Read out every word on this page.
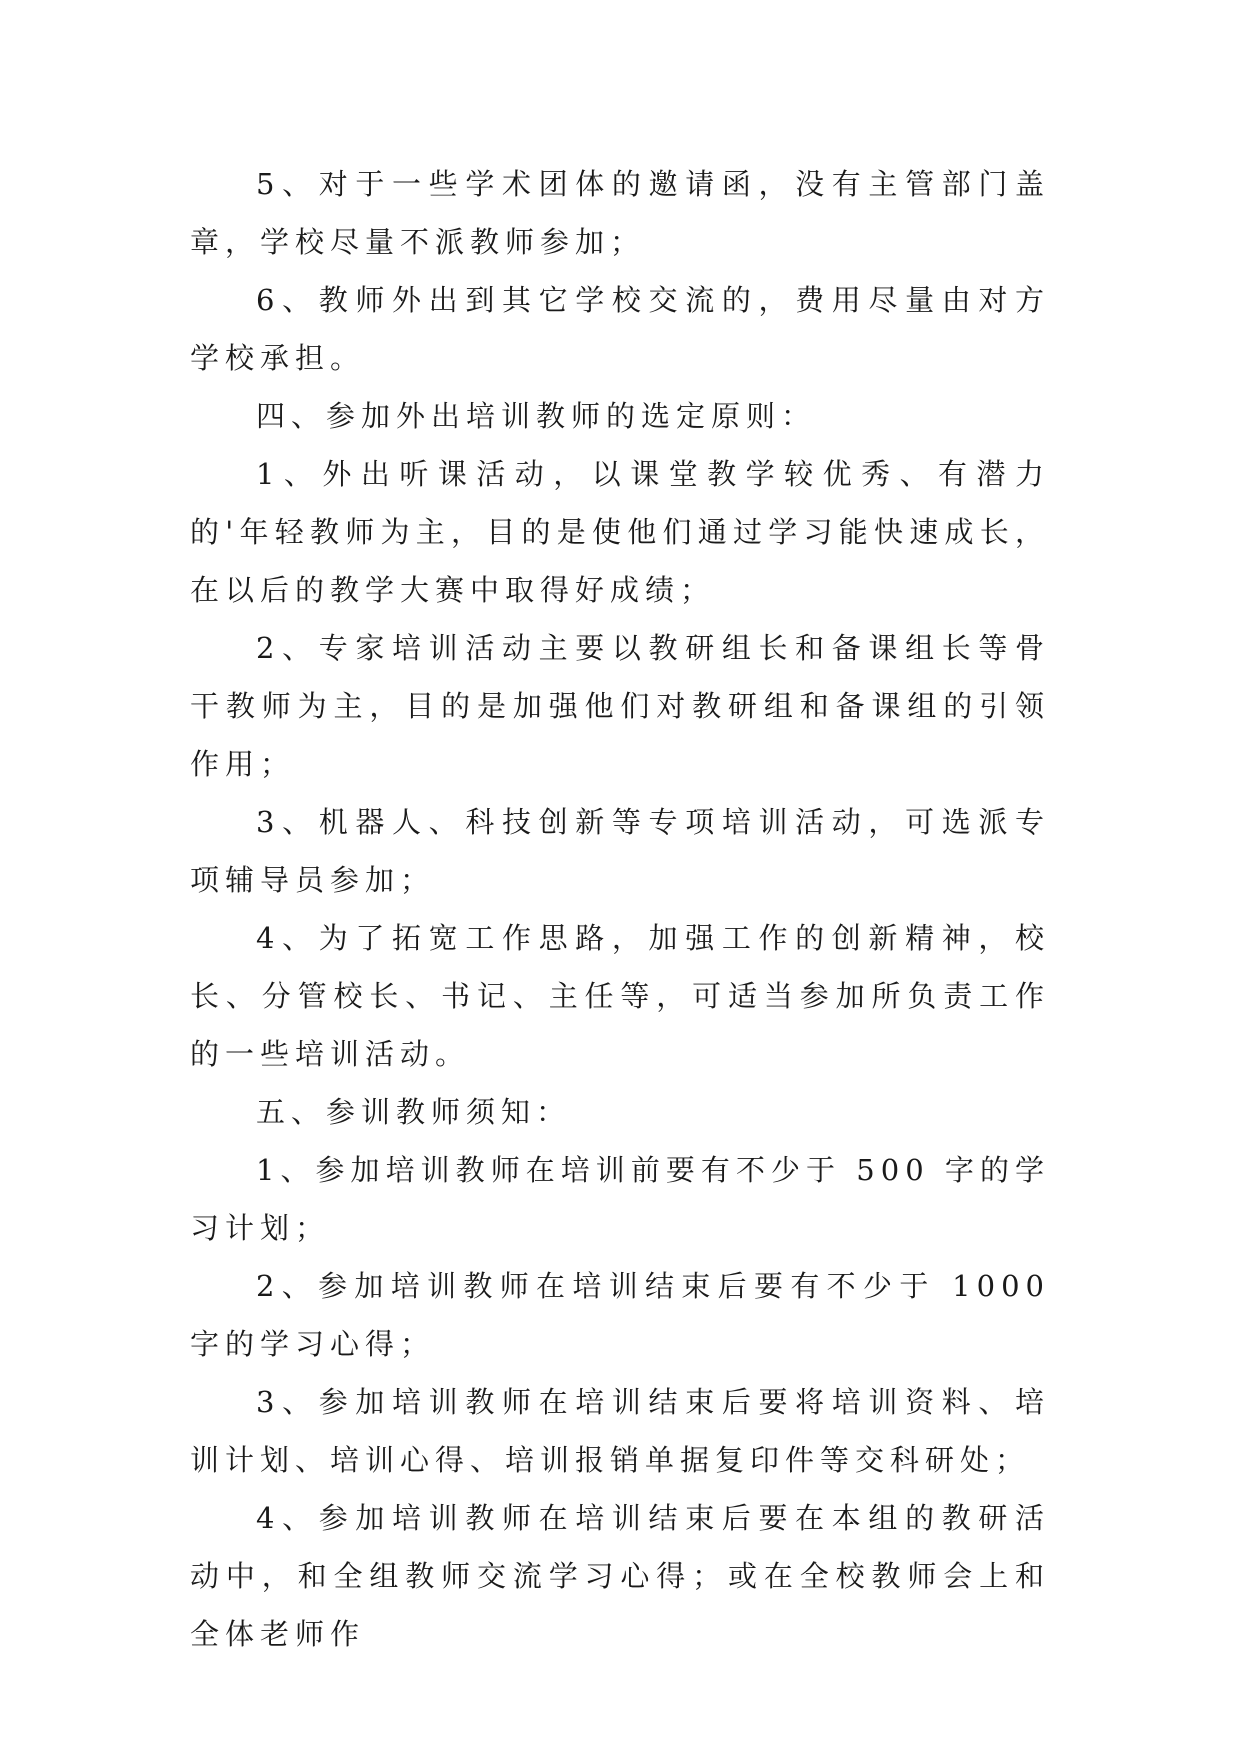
5、对于一些学术团体的邀请函，没有主管部门盖章，学校尽量不派教师参加；

6、教师外出到其它学校交流的，费用尽量由对方学校承担。

四、参加外出培训教师的选定原则：

1、外出听课活动，以课堂教学较优秀、有潜力的'年轻教师为主，目的是使他们通过学习能快速成长，在以后的教学大赛中取得好成绩；

2、专家培训活动主要以教研组长和备课组长等骨干教师为主，目的是加强他们对教研组和备课组的引领作用；

3、机器人、科技创新等专项培训活动，可选派专项辅导员参加；

4、为了拓宽工作思路，加强工作的创新精神，校长、分管校长、书记、主任等，可适当参加所负责工作的一些培训活动。

五、参训教师须知：

1、参加培训教师在培训前要有不少于 500 字的学习计划；

2、参加培训教师在培训结束后要有不少于 1000 字的学习心得；

3、参加培训教师在培训结束后要将培训资料、培训计划、培训心得、培训报销单据复印件等交科研处；

4、参加培训教师在培训结束后要在本组的教研活动中，和全组教师交流学习心得；或在全校教师会上和全体老师作
